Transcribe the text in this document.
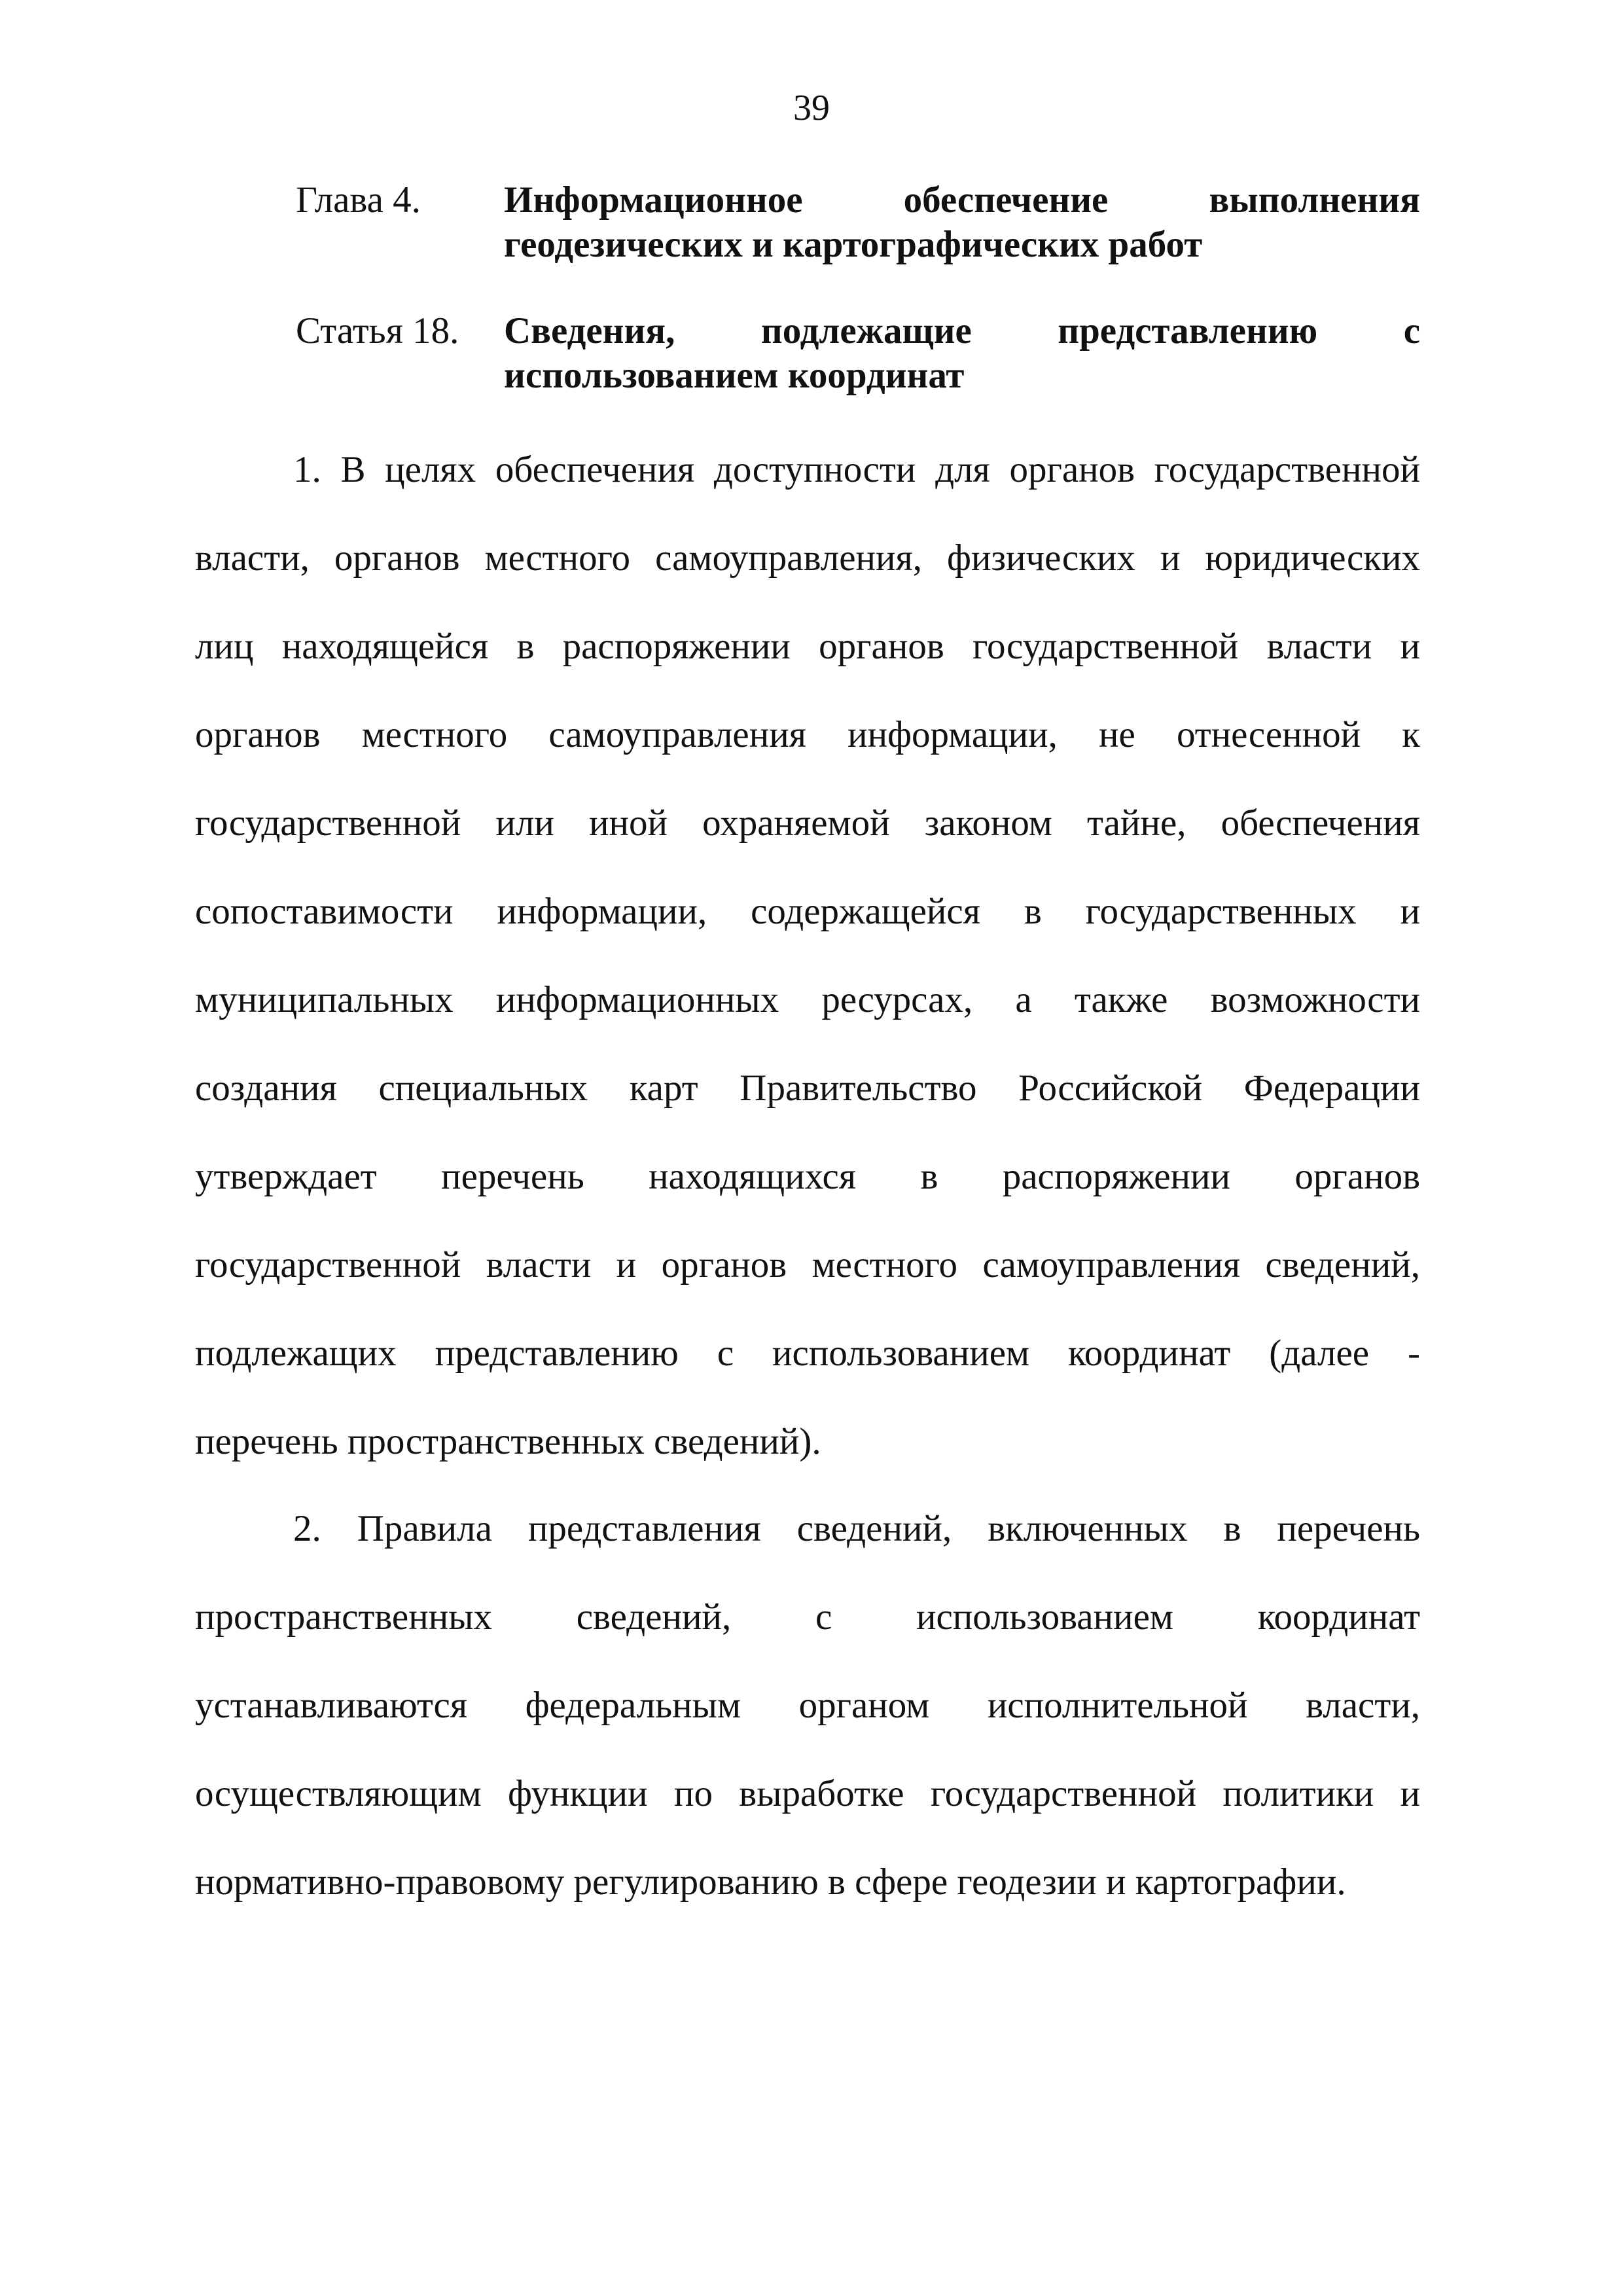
39
Глава 4.	Информационное обеспечение выполнения
геодезических и картографических работ
Статья 18.	Сведения, подлежащие представлению с
использованием координат

1. В целях обеспечения доступности для органов государственной
власти, органов местного самоуправления, физических и юридических
лиц находящейся в распоряжении органов государственной власти и
органов местного самоуправления информации, не отнесенной к
государственной или иной охраняемой законом тайне, обеспечения
сопоставимости информации, содержащейся в государственных и
муниципальных информационных ресурсах, а также возможности
создания специальных карт Правительство Российской Федерации
утверждает перечень находящихся в распоряжении органов
государственной власти и органов местного самоуправления сведений,
подлежащих представлению с использованием координат (далее -
перечень пространственных сведений).

2. Правила представления сведений, включенных в перечень
пространственных сведений, с использованием координат
устанавливаются федеральным органом исполнительной власти,
осуществляющим функции по выработке государственной политики и
нормативно-правовому регулированию в сфере геодезии и картографии.
